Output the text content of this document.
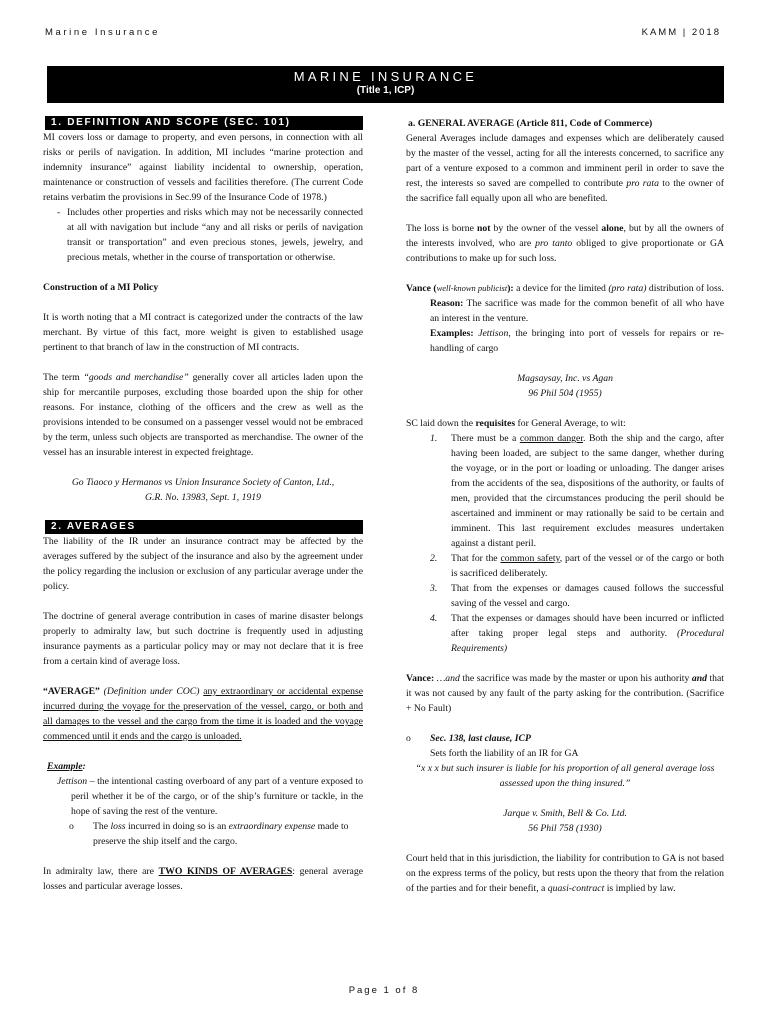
Marine Insurance	KAMM | 2018
MARINE INSURANCE
(Title 1, ICP)
1. DEFINITION AND SCOPE (SEC. 101)

MI covers loss or damage to property, and even persons, in connection with all risks or perils of navigation. In addition, MI includes “marine protection and indemnity insurance” against liability incidental to ownership, operation, maintenance or construction of vessels and facilities therefore. (The current Code retains verbatim the provisions in Sec.99 of the Insurance Code of 1978.)

- Includes other properties and risks which may not be necessarily connected at all with navigation but include “any and all risks or perils of navigation transit or transportation” and even precious stones, jewels, jewelry, and precious metals, whether in the course of transportation or otherwise.

Construction of a MI Policy

It is worth noting that a MI contract is categorized under the contracts of the law merchant. By virtue of this fact, more weight is given to established usage pertinent to that branch of law in the construction of MI contracts.

The term “goods and merchandise” generally cover all articles laden upon the ship for mercantile purposes, excluding those boarded upon the ship for other reasons. For instance, clothing of the officers and the crew as well as the provisions intended to be consumed on a passenger vessel would not be embraced by the term, unless such objects are transported as merchandise. The owner of the vessel has an insurable interest in expected freightage.

Go Tiaoco y Hermanos vs Union Insurance Society of Canton, Ltd.,

G.R. No. 13983, Sept. 1, 1919

2. AVERAGES

The liability of the IR under an insurance contract may be affected by the averages suffered by the subject of the insurance and also by the agreement under the policy regarding the inclusion or exclusion of any particular average under the policy.

The doctrine of general average contribution in cases of marine disaster belongs properly to admiralty law, but such doctrine is frequently used in adjusting insurance payments as a particular policy may or may not declare that it is free from a certain kind of average loss.

“AVERAGE” (Definition under COC) any extraordinary or accidental expense incurred during the voyage for the preservation of the vessel, cargo, or both and all damages to the vessel and the cargo from the time it is loaded and the voyage commenced until it ends and the cargo is unloaded.

Example:

Jettison – the intentional casting overboard of any part of a venture exposed to peril whether it be of the cargo, or of the ship’s furniture or tackle, in the hope of saving the rest of the venture.

o	The loss incurred in doing so is an extraordinary expense made to preserve the ship itself and the cargo.

In admiralty law, there are TWO KINDS OF AVERAGES: general average losses and particular average losses.

a. GENERAL AVERAGE (Article 811, Code of Commerce)

General Averages include damages and expenses which are deliberately caused by the master of the vessel, acting for all the interests concerned, to sacrifice any part of a venture exposed to a common and imminent peril in order to save the rest, the interests so saved are compelled to contribute pro rata to the owner of the sacrifice fall equally upon all who are benefited.

The loss is borne not by the owner of the vessel alone, but by all the owners of the interests involved, who are pro tanto obliged to give proportionate or GA contributions to make up for such loss.

Vance (well-known publicist): a device for the limited (pro rata) distribution of loss.

Reason: The sacrifice was made for the common benefit of all who have an interest in the venture.

Examples: Jettison, the bringing into port of vessels for repairs or re-handling of cargo

Magsaysay, Inc. vs Agan

96 Phil 504 (1955)

SC laid down the requisites for General Average, to wit:

1.	There must be a common danger. Both the ship and the cargo, after having been loaded, are subject to the same danger, whether during the voyage, or in the port or loading or unloading. The danger arises from the accidents of the sea, dispositions of the authority, or faults of men, provided that the circumstances producing the peril should be ascertained and imminent or may rationally be said to be certain and imminent. This last requirement excludes measures undertaken against a distant peril.
2.	That for the common safety, part of the vessel or of the cargo or both is sacrificed deliberately.
3.	That from the expenses or damages caused follows the successful saving of the vessel and cargo.
4.	That the expenses or damages should have been incurred or inflicted after taking proper legal steps and authority. (Procedural Requirements)

Vance: …and the sacrifice was made by the master or upon his authority and that it was not caused by any fault of the party asking for the contribution. (Sacrifice + No Fault)

o	Sec. 138, last clause, ICP

Sets forth the liability of an IR for GA

“x x x but such insurer is liable for his proportion of all general average loss

assessed upon the thing insured.”

Jarque v. Smith, Bell & Co. Ltd.

56 Phil 758 (1930)

Court held that in this jurisdiction, the liability for contribution to GA is not based on the express terms of the policy, but rests upon the theory that from the relation of the parties and for their benefit, a quasi-contract is implied by law.

Page 1 of 8
